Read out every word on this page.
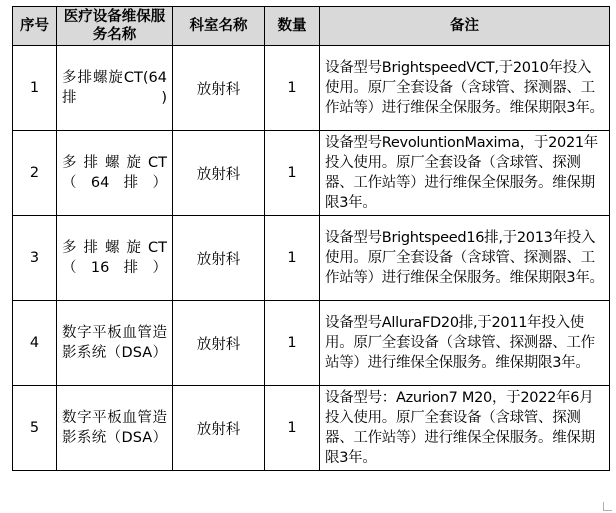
序号	医疗设备维保服务名称	科室名称	数量	备注
1	多排螺旋CT(64排)	放射科	1	设备型号BrightspeedVCT,于2010年投入使用。原厂全套设备（含球管、探测器、工作站等）进行维保全保服务。维保期限3年。
2	多排螺旋CT（64排）	放射科	1	设备型号RevoluntionMaxima，于2021年投入使用。原厂全套设备（含球管、探测器、工作站等）进行维保全保服务。维保期限3年。
3	多排螺旋CT（16排）	放射科	1	设备型号Brightspeed16排,于2013年投入使用。原厂全套设备（含球管、探测器、工作站等）进行维保全保服务。维保期限3年。
4	数字平板血管造影系统（DSA）	放射科	1	设备型号AlluraFD20排,于2011年投入使用。原厂全套设备（含球管、探测器、工作站等）进行维保全保服务。维保期限3年。
5	数字平板血管造影系统（DSA）	放射科	1	设备型号：Azurion7 M20，于2022年6月投入使用。原厂全套设备（含球管、探测器、工作站等）进行维保全保服务。维保期限3年。
